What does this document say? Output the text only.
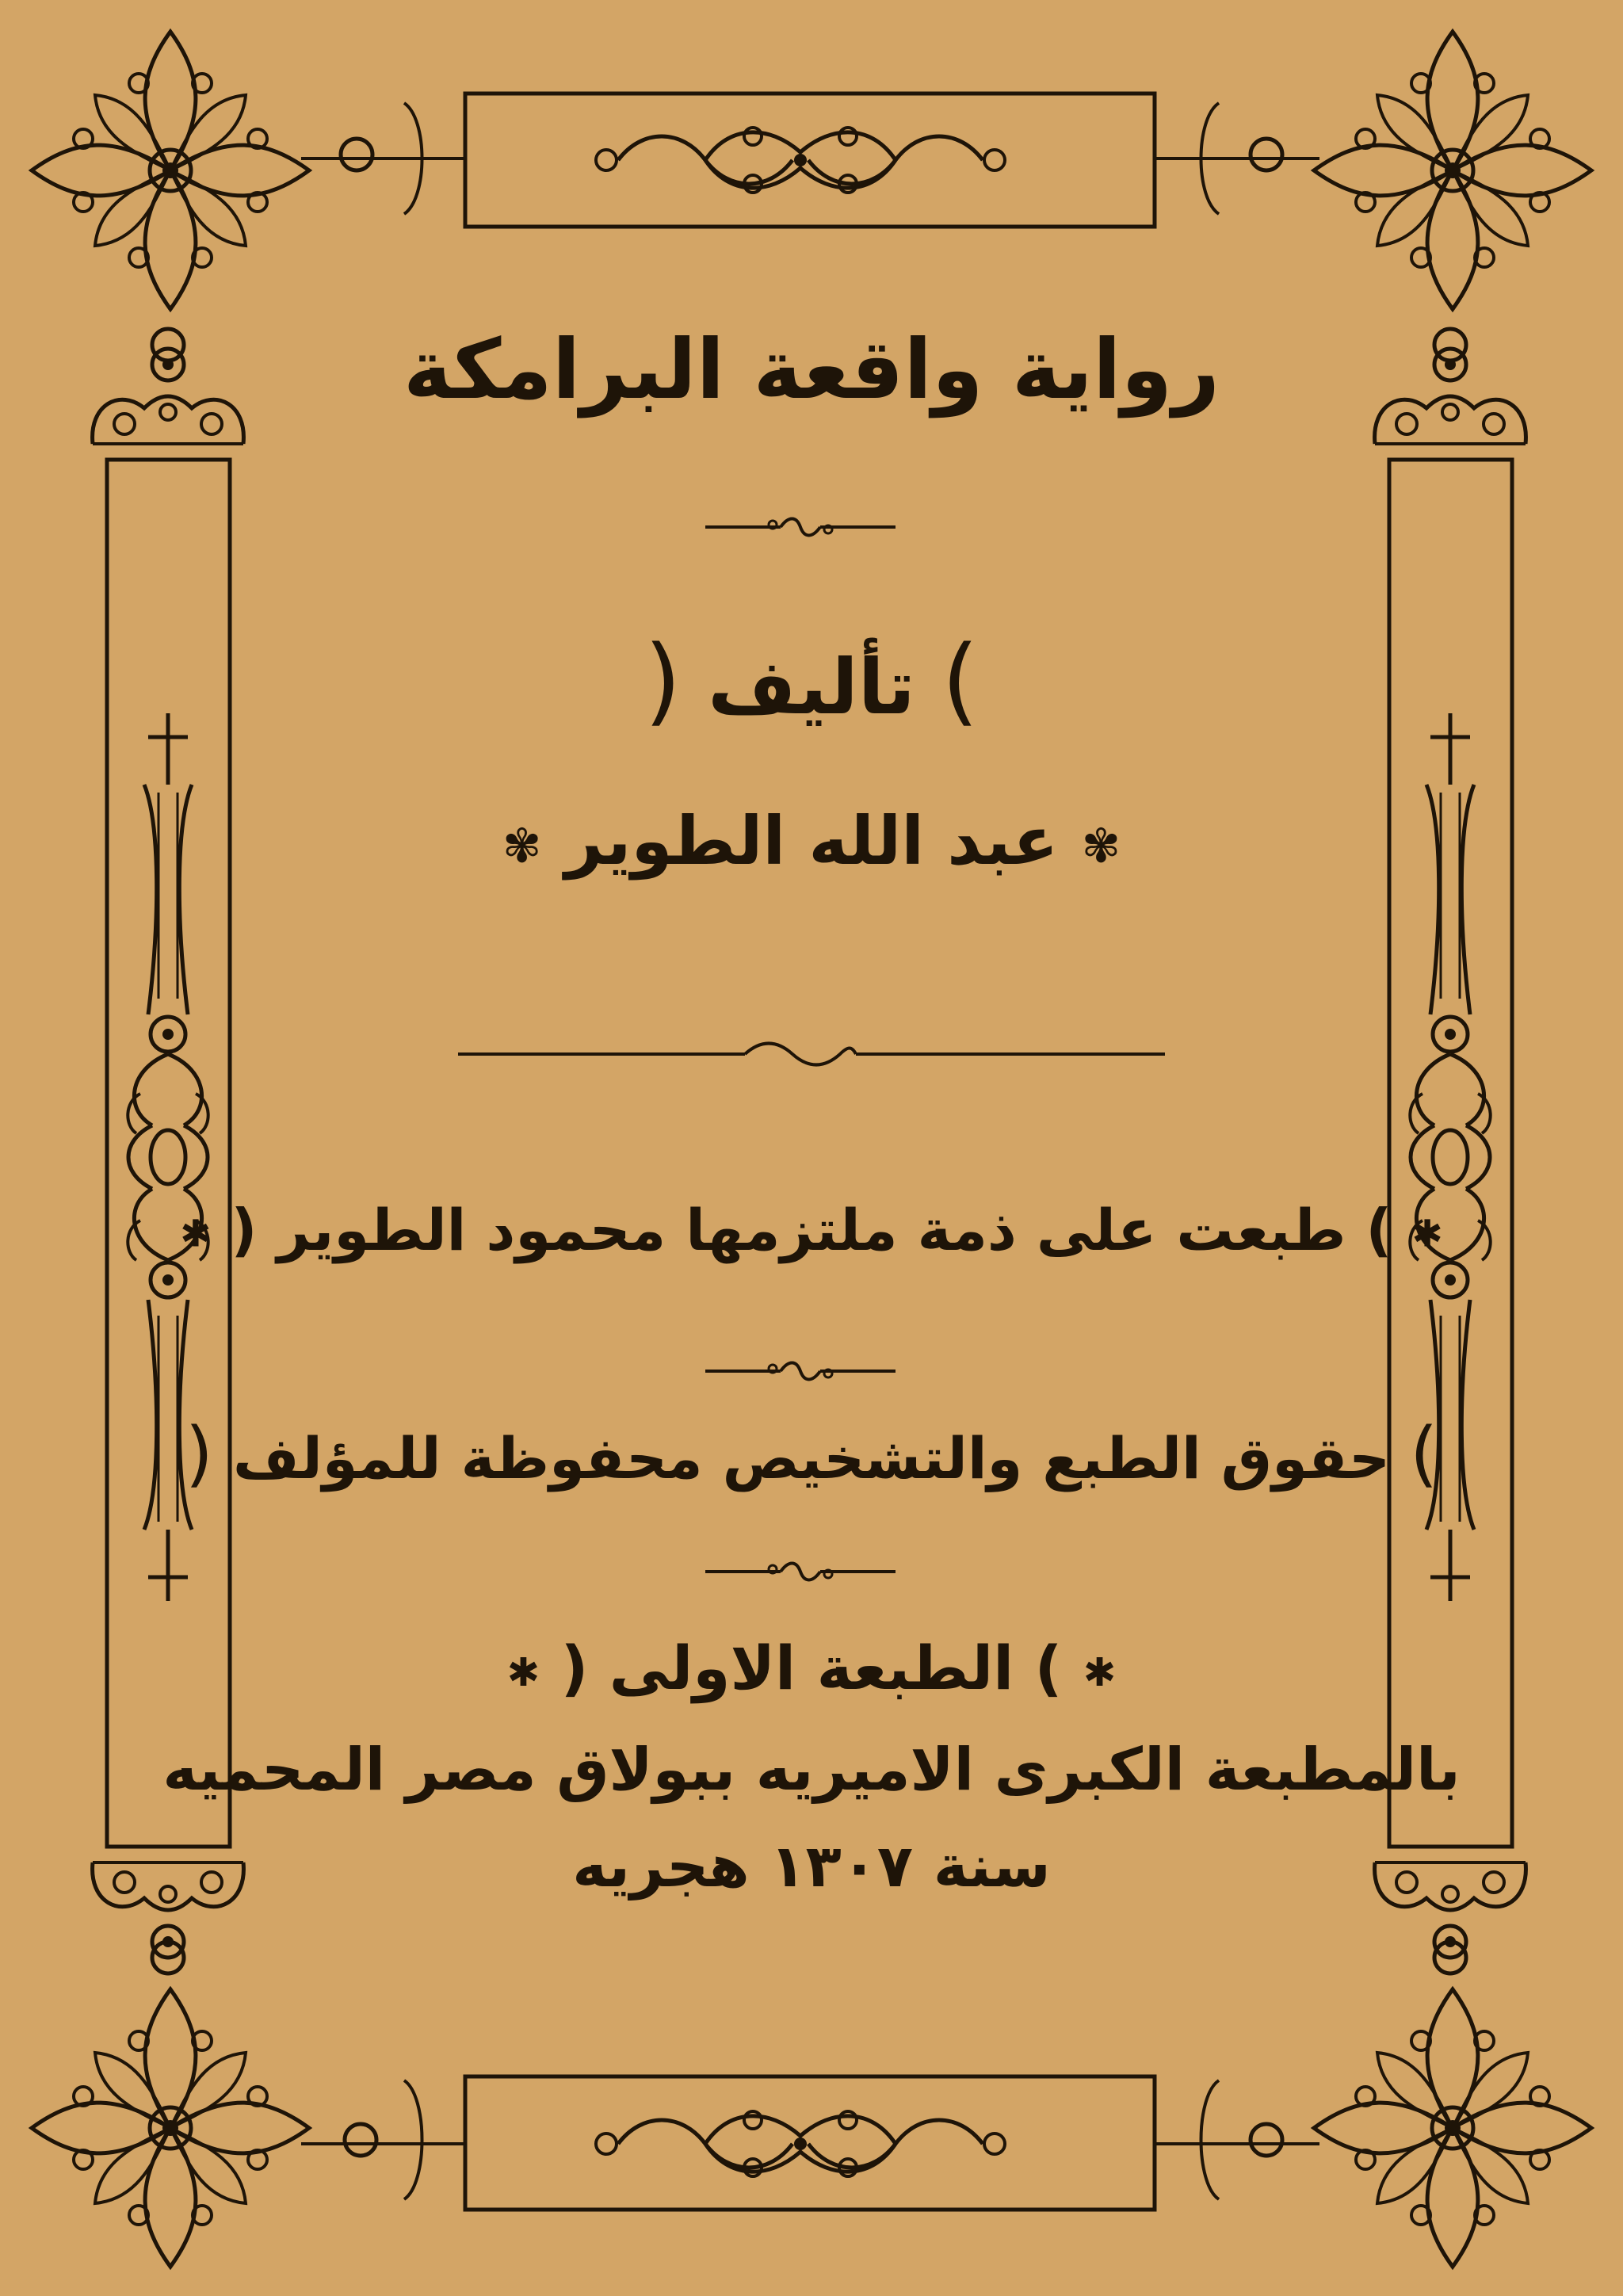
رواية واقعة البرامكة
) تأليف (
✾ عبد الله الطوير ✾
✱ ) طبعت على ذمة ملتزمها محمود الطوير ( ✱
) حقوق الطبع والتشخيص محفوظة للمؤلف (
✱ ) الطبعة الاولى ( ✱
بالمطبعة الكبرى الاميريه ببولاق مصر المحميه
سنة ١٣٠٧ هجريه
